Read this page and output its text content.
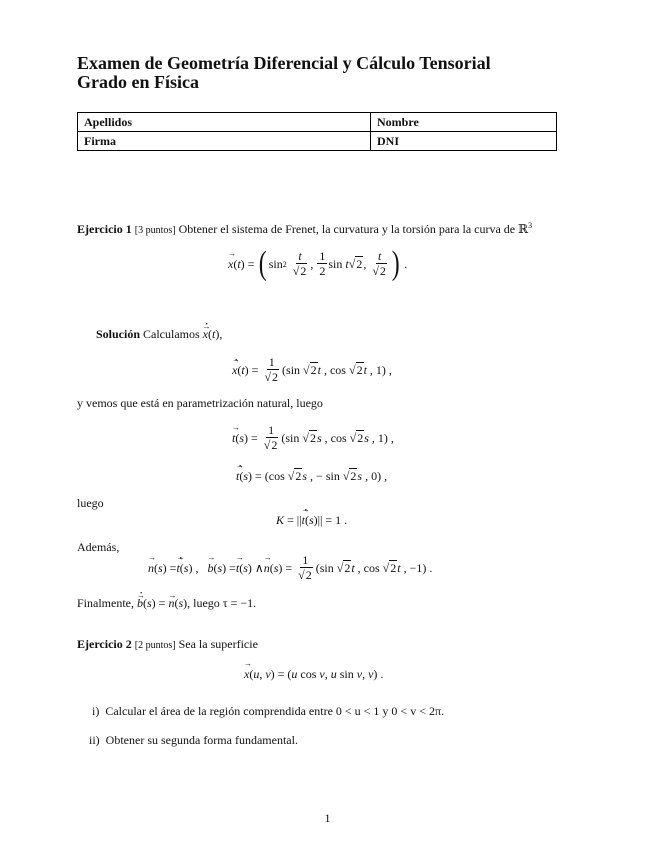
Examen de Geometría Diferencial y Cálculo Tensorial
Grado en Física
Apellidos	Nombre
Firma	DNI
Ejercicio 1 [3 puntos] Obtener el sistema de Frenet, la curvatura y la torsión para la curva de ℝ$^3$
→ x ( t ) = ( sin 2
$\frac{t}{√2}$ , $\frac{1}{2}$ sin t √2 , $\frac{t}{√2}$ ) .
Solución Calculamos → x ·(t),
→ x · ( t ) = $\frac{1}{√2} (\sin$ √2 t , cos √2 t , 1) ,
y vemos que está en parametrización natural, luego
→ t ( s ) = $\frac{1}{√2} (\sin$ √2 s , cos √2 s , 1) ,
→ t · ( s ) = (cos √2 s , − sin √2 s , 0) ,
luego
K = || → t · ( s )|| = 1 .
Además,
→ n ( s ) = → t · ( s ) , → b ( s ) = → t ( s ) ∧ → n ( s ) = $\frac{1}{√2} (\sin$ √2 t , cos √2 t , −1) .
Finalmente, → b ·(s) = → n(s), luego τ = −1.
Ejercicio 2 [2 puntos] Sea la superficie
→ x ( u , v ) = ( u cos v , u sin v , v ) .
i) Calcular el área de la región comprendida entre 0 < u < 1 y 0 < v < 2π.
ii) Obtener su segunda forma fundamental.
1
